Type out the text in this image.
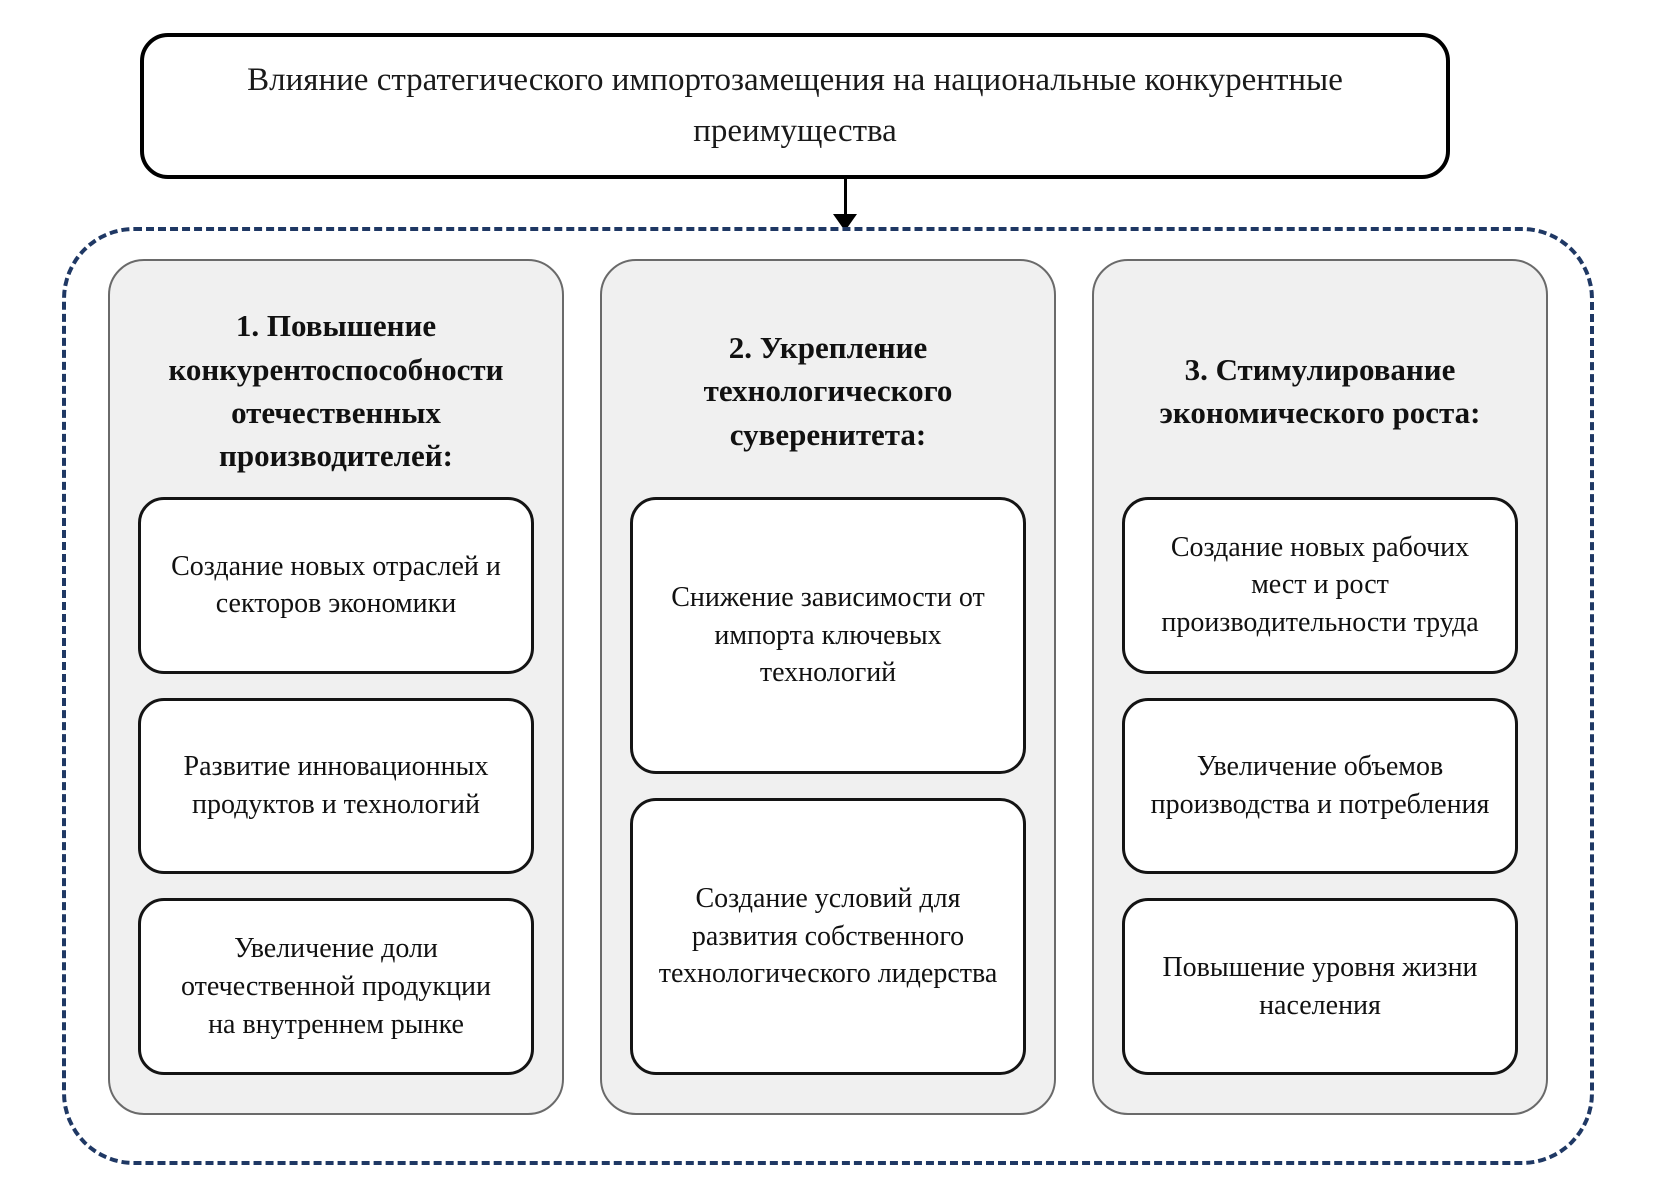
Влияние стратегического импортозамещения на национальные конкурентные преимущества
1. Повышение конкурентоспособности отечественных производителей:
Создание новых отраслей и секторов экономики
Развитие инновационных продуктов и технологий
Увеличение доли отечественной продукции на внутреннем рынке
2. Укрепление технологического суверенитета:
Снижение зависимости от импорта ключевых технологий
Создание условий для развития собственного технологического лидерства
3. Стимулирование экономического роста:
Создание новых рабочих мест и рост производительности труда
Увеличение объемов производства и потребления
Повышение уровня жизни населения
